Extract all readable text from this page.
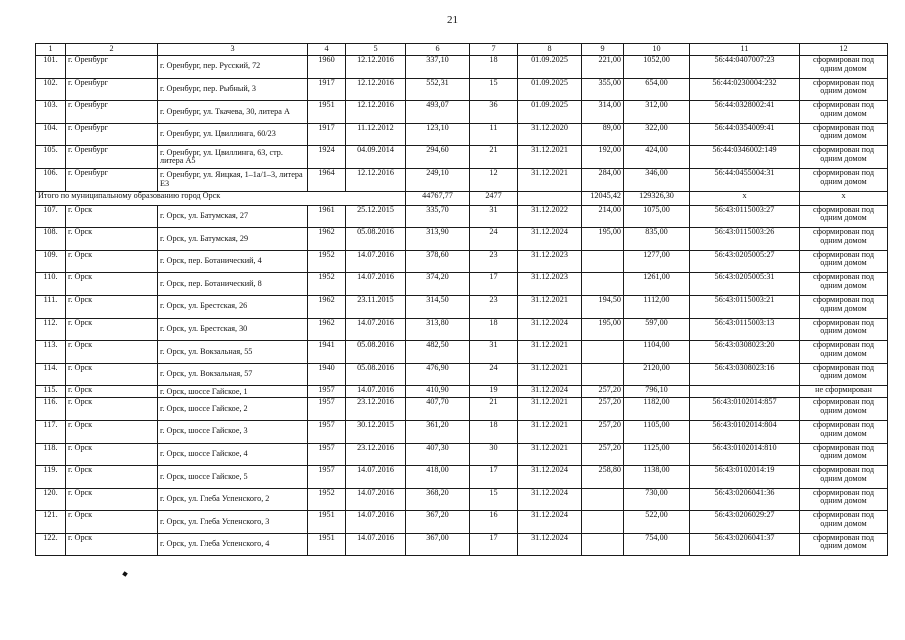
21
1	2	3	4	5	6	7	8	9	10	11	12
101.	г. Оренбург	г. Оренбург, пер. Русский, 72	1960	12.12.2016	337,10	18	01.09.2025	221,00	1052,00	56:44:0407007:23	сформирован под одним домом
102.	г. Оренбург	г. Оренбург, пер. Рыбный, 3	1917	12.12.2016	552,31	15	01.09.2025	355,00	654,00	56:44:0230004:232	сформирован под одним домом
103.	г. Оренбург	г. Оренбург, ул. Ткачева, 30, литера А	1951	12.12.2016	493,07	36	01.09.2025	314,00	312,00	56:44:0328002:41	сформирован под одним домом
104.	г. Оренбург	г. Оренбург, ул. Цвиллинга, 60/23	1917	11.12.2012	123,10	11	31.12.2020	89,00	322,00	56:44:0354009:41	сформирован под одним домом
105.	г. Оренбург	г. Оренбург, ул. Цвиллинга, 63, стр. литера А5	1924	04.09.2014	294,60	21	31.12.2021	192,00	424,00	56:44:0346002:149	сформирован под одним домом
106.	г. Оренбург	г. Оренбург, ул. Яицкая, 1–1а/1–3, литера Е3	1964	12.12.2016	249,10	12	31.12.2021	284,00	346,00	56:44:0455004:31	сформирован под одним домом
Итого по муниципальному образованию город Орск					44767,77	2477		12045,42	129326,30	х	х
107.	г. Орск	г. Орск, ул. Батумская, 27	1961	25.12.2015	335,70	31	31.12.2022	214,00	1075,00	56:43:0115003:27	сформирован под одним домом
108.	г. Орск	г. Орск, ул. Батумская, 29	1962	05.08.2016	313,90	24	31.12.2024	195,00	835,00	56:43:0115003:26	сформирован под одним домом
109.	г. Орск	г. Орск, пер. Ботанический, 4	1952	14.07.2016	378,60	23	31.12.2023		1277,00	56:43:0205005:27	сформирован под одним домом
110.	г. Орск	г. Орск, пер. Ботанический, 8	1952	14.07.2016	374,20	17	31.12.2023		1261,00	56:43:0205005:31	сформирован под одним домом
111.	г. Орск	г. Орск, ул. Брестская, 26	1962	23.11.2015	314,50	23	31.12.2021	194,50	1112,00	56:43:0115003:21	сформирован под одним домом
112.	г. Орск	г. Орск, ул. Брестская, 30	1962	14.07.2016	313,80	18	31.12.2024	195,00	597,00	56:43:0115003:13	сформирован под одним домом
113.	г. Орск	г. Орск, ул. Вокзальная, 55	1941	05.08.2016	482,50	31	31.12.2021		1104,00	56:43:0308023:20	сформирован под одним домом
114.	г. Орск	г. Орск, ул. Вокзальная, 57	1940	05.08.2016	476,90	24	31.12.2021		2120,00	56:43:0308023:16	сформирован под одним домом
115.	г. Орск	г. Орск, шоссе Гайское, 1	1957	14.07.2016	410,90	19	31.12.2024	257,20	796,10		не сформирован
116.	г. Орск	г. Орск, шоссе Гайское, 2	1957	23.12.2016	407,70	21	31.12.2021	257,20	1182,00	56:43:0102014:857	сформирован под одним домом
117.	г. Орск	г. Орск, шоссе Гайское, 3	1957	30.12.2015	361,20	18	31.12.2021	257,20	1105,00	56:43:0102014:804	сформирован под одним домом
118.	г. Орск	г. Орск, шоссе Гайское, 4	1957	23.12.2016	407,30	30	31.12.2021	257,20	1125,00	56:43:0102014:810	сформирован под одним домом
119.	г. Орск	г. Орск, шоссе Гайское, 5	1957	14.07.2016	418,00	17	31.12.2024	258,80	1138,00	56:43:0102014:19	сформирован под одним домом
120.	г. Орск	г. Орск, ул. Глеба Успенского, 2	1952	14.07.2016	368,20	15	31.12.2024		730,00	56:43:0206041:36	сформирован под одним домом
121.	г. Орск	г. Орск, ул. Глеба Успенского, 3	1951	14.07.2016	367,20	16	31.12.2024		522,00	56:43:0206029:27	сформирован под одним домом
122.	г. Орск	г. Орск, ул. Глеба Успенского, 4	1951	14.07.2016	367,00	17	31.12.2024		754,00	56:43:0206041:37	сформирован под одним домом
